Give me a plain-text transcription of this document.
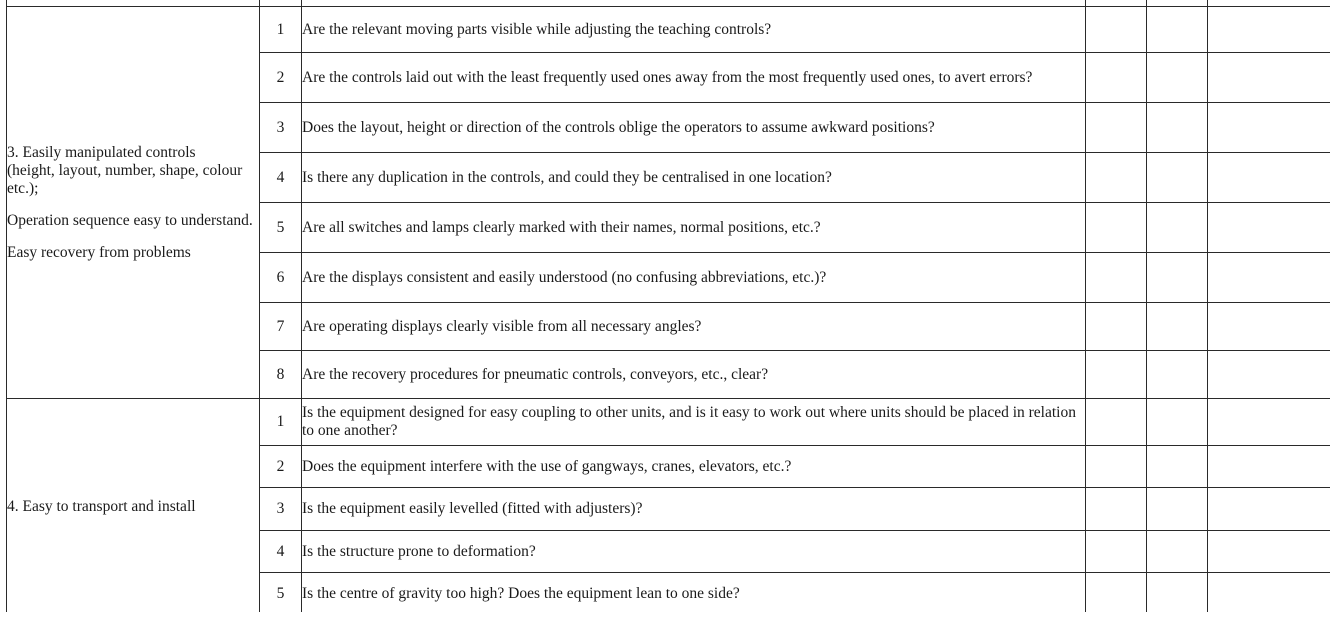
3. Easily manipulated controls

(height, layout, number, shape, colour etc.);

Operation sequence easy to understand.

Easy recovery from problems	1	Are the relevant moving parts visible while adjusting the teaching controls?			
	2	Are the controls laid out with the least frequently used ones away from the most frequently used ones, to avert errors?			
	3	Does the layout, height or direction of the controls oblige the operators to assume awkward positions?			
	4	Is there any duplication in the controls, and could they be centralised in one location?			
	5	Are all switches and lamps clearly marked with their names, normal positions, etc.?			
	6	Are the displays consistent and easily understood (no confusing abbreviations, etc.)?			
	7	Are operating displays clearly visible from all necessary angles?			
	8	Are the recovery procedures for pneumatic controls, conveyors, etc., clear?			

4. Easy to transport and install	1	Is the equipment designed for easy coupling to other units, and is it easy to work out where units should be placed in relation to one another?			
	2	Does the equipment interfere with the use of gangways, cranes, elevators, etc.?			
	3	Is the equipment easily levelled (fitted with adjusters)?			
	4	Is the structure prone to deformation?			
	5	Is the centre of gravity too high? Does the equipment lean to one side?			
